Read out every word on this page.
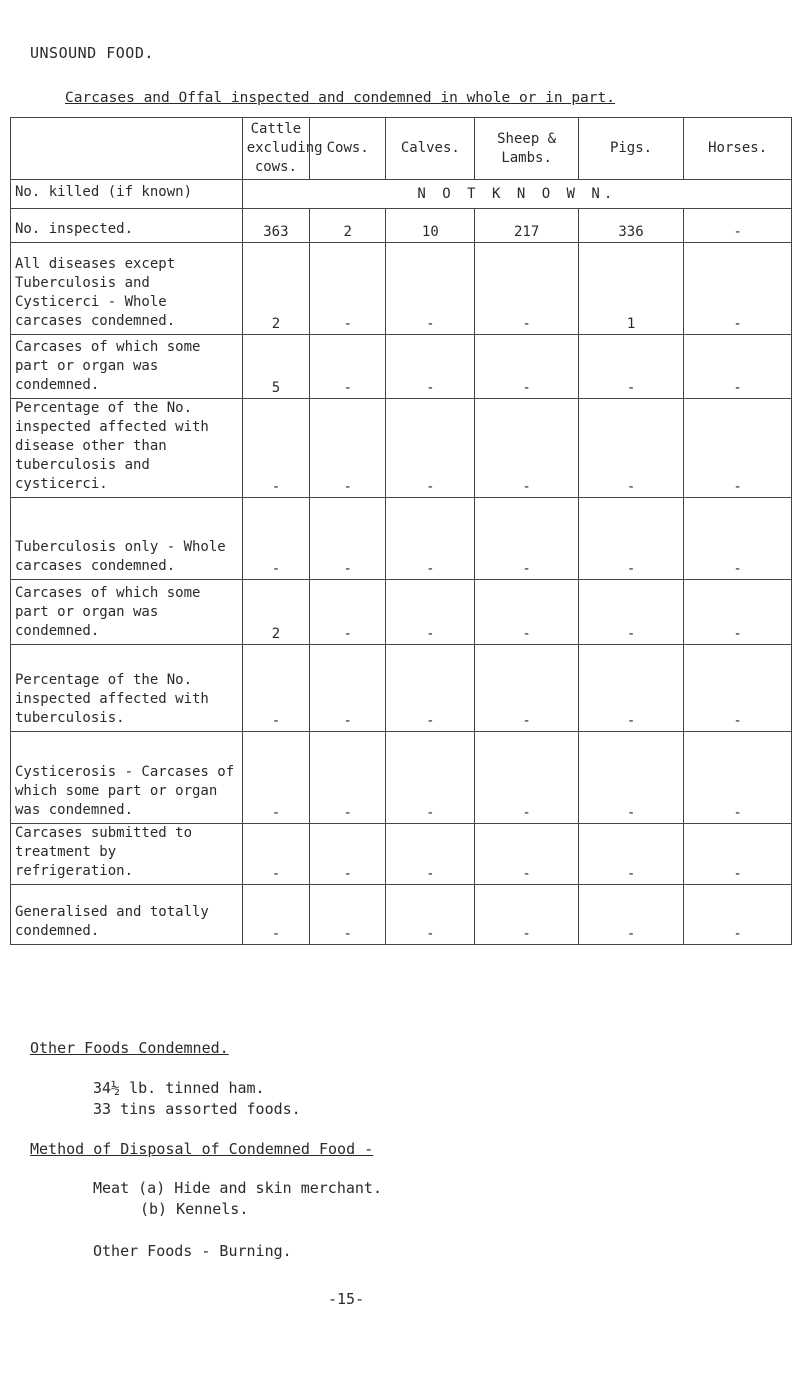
UNSOUND FOOD.
Carcases and Offal inspected and condemned in whole or in part.
	Cattle excluding cows.	Cows.	Calves.	Sheep & Lambs.	Pigs.	Horses.
No. killed (if known)	N O T K N O W N.					
No. inspected.	363	2	10	217	336	-
All diseases except Tuberculosis and Cysticerci - Whole carcases condemned.	2	-	-	-	1	-
Carcases of which some part or organ was condemned.	5	-	-	-	-	-
Percentage of the No. inspected affected with disease other than tuberculosis and cysticerci.	-	-	-	-	-	-
Tuberculosis only - Whole carcases condemned.	-	-	-	-	-	-
Carcases of which some part or organ was condemned.	2	-	-	-	-	-
Percentage of the No. inspected affected with tuberculosis.	-	-	-	-	-	-
Cysticerosis - Carcases of which some part or organ was condemned.	-	-	-	-	-	-
Carcases submitted to treatment by refrigeration.	-	-	-	-	-	-
Generalised and totally condemned.	-	-	-	-	-	-
Other Foods Condemned.
34½ lb. tinned ham.
33 tins assorted foods.
Method of Disposal of Condemned Food -
Meat (a) Hide and skin merchant.
(b) Kennels.
Other Foods - Burning.
-15-
